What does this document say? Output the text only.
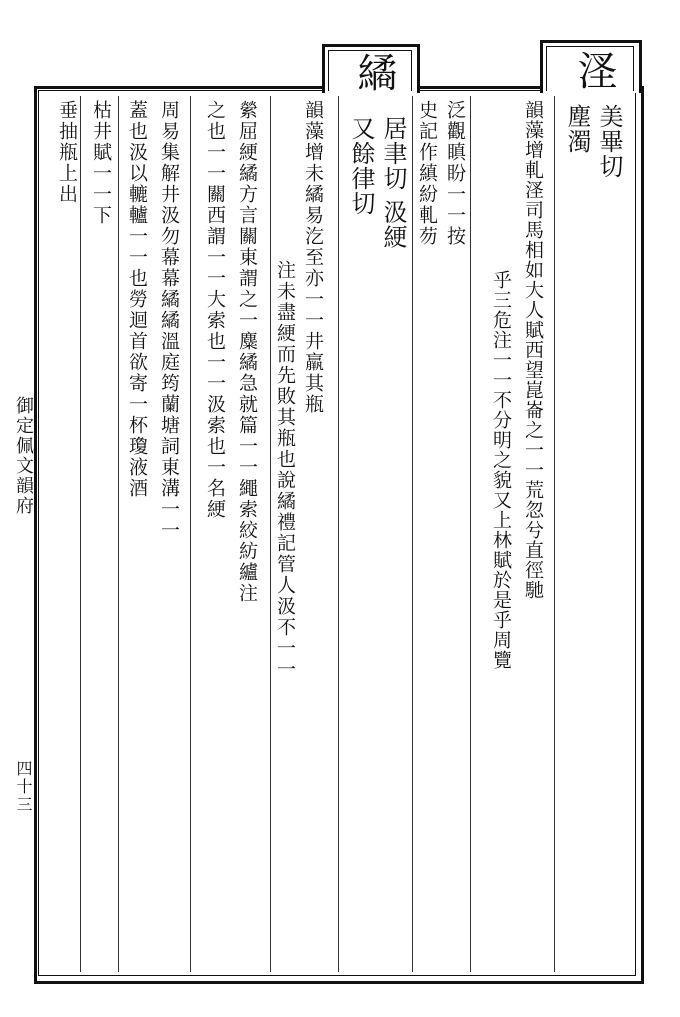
㳗
美畢切
塵濁
繘
居聿切 汲綆
又餘律切	泛觀瞋盼一一按
史記作縝紛軋芴	韻藻增軋㳗司馬相如大人賦西望崑崙之一一荒忽兮直徑馳
乎三危注一一不分明之貌又上林賦於是乎周覽
韻藻增未繘易汔至亦一一井羸其瓶
注未盡綆而先敗其瓶也說繘禮記管人汲不一一
縈屈綆繘方言關東謂之一麋繘急就篇一一繩索絞紡纑注
之也一一關西謂一一大索也一一汲索也一名綆
周易集解井汲勿幕幕繘繘溫庭筠蘭塘詞東溝一一
蓋也汲以轆轤一一也勞迴首欲寄一杯瓊液酒
枯井賦一一下
垂抽瓶上出
御定佩文韻府
四十三
